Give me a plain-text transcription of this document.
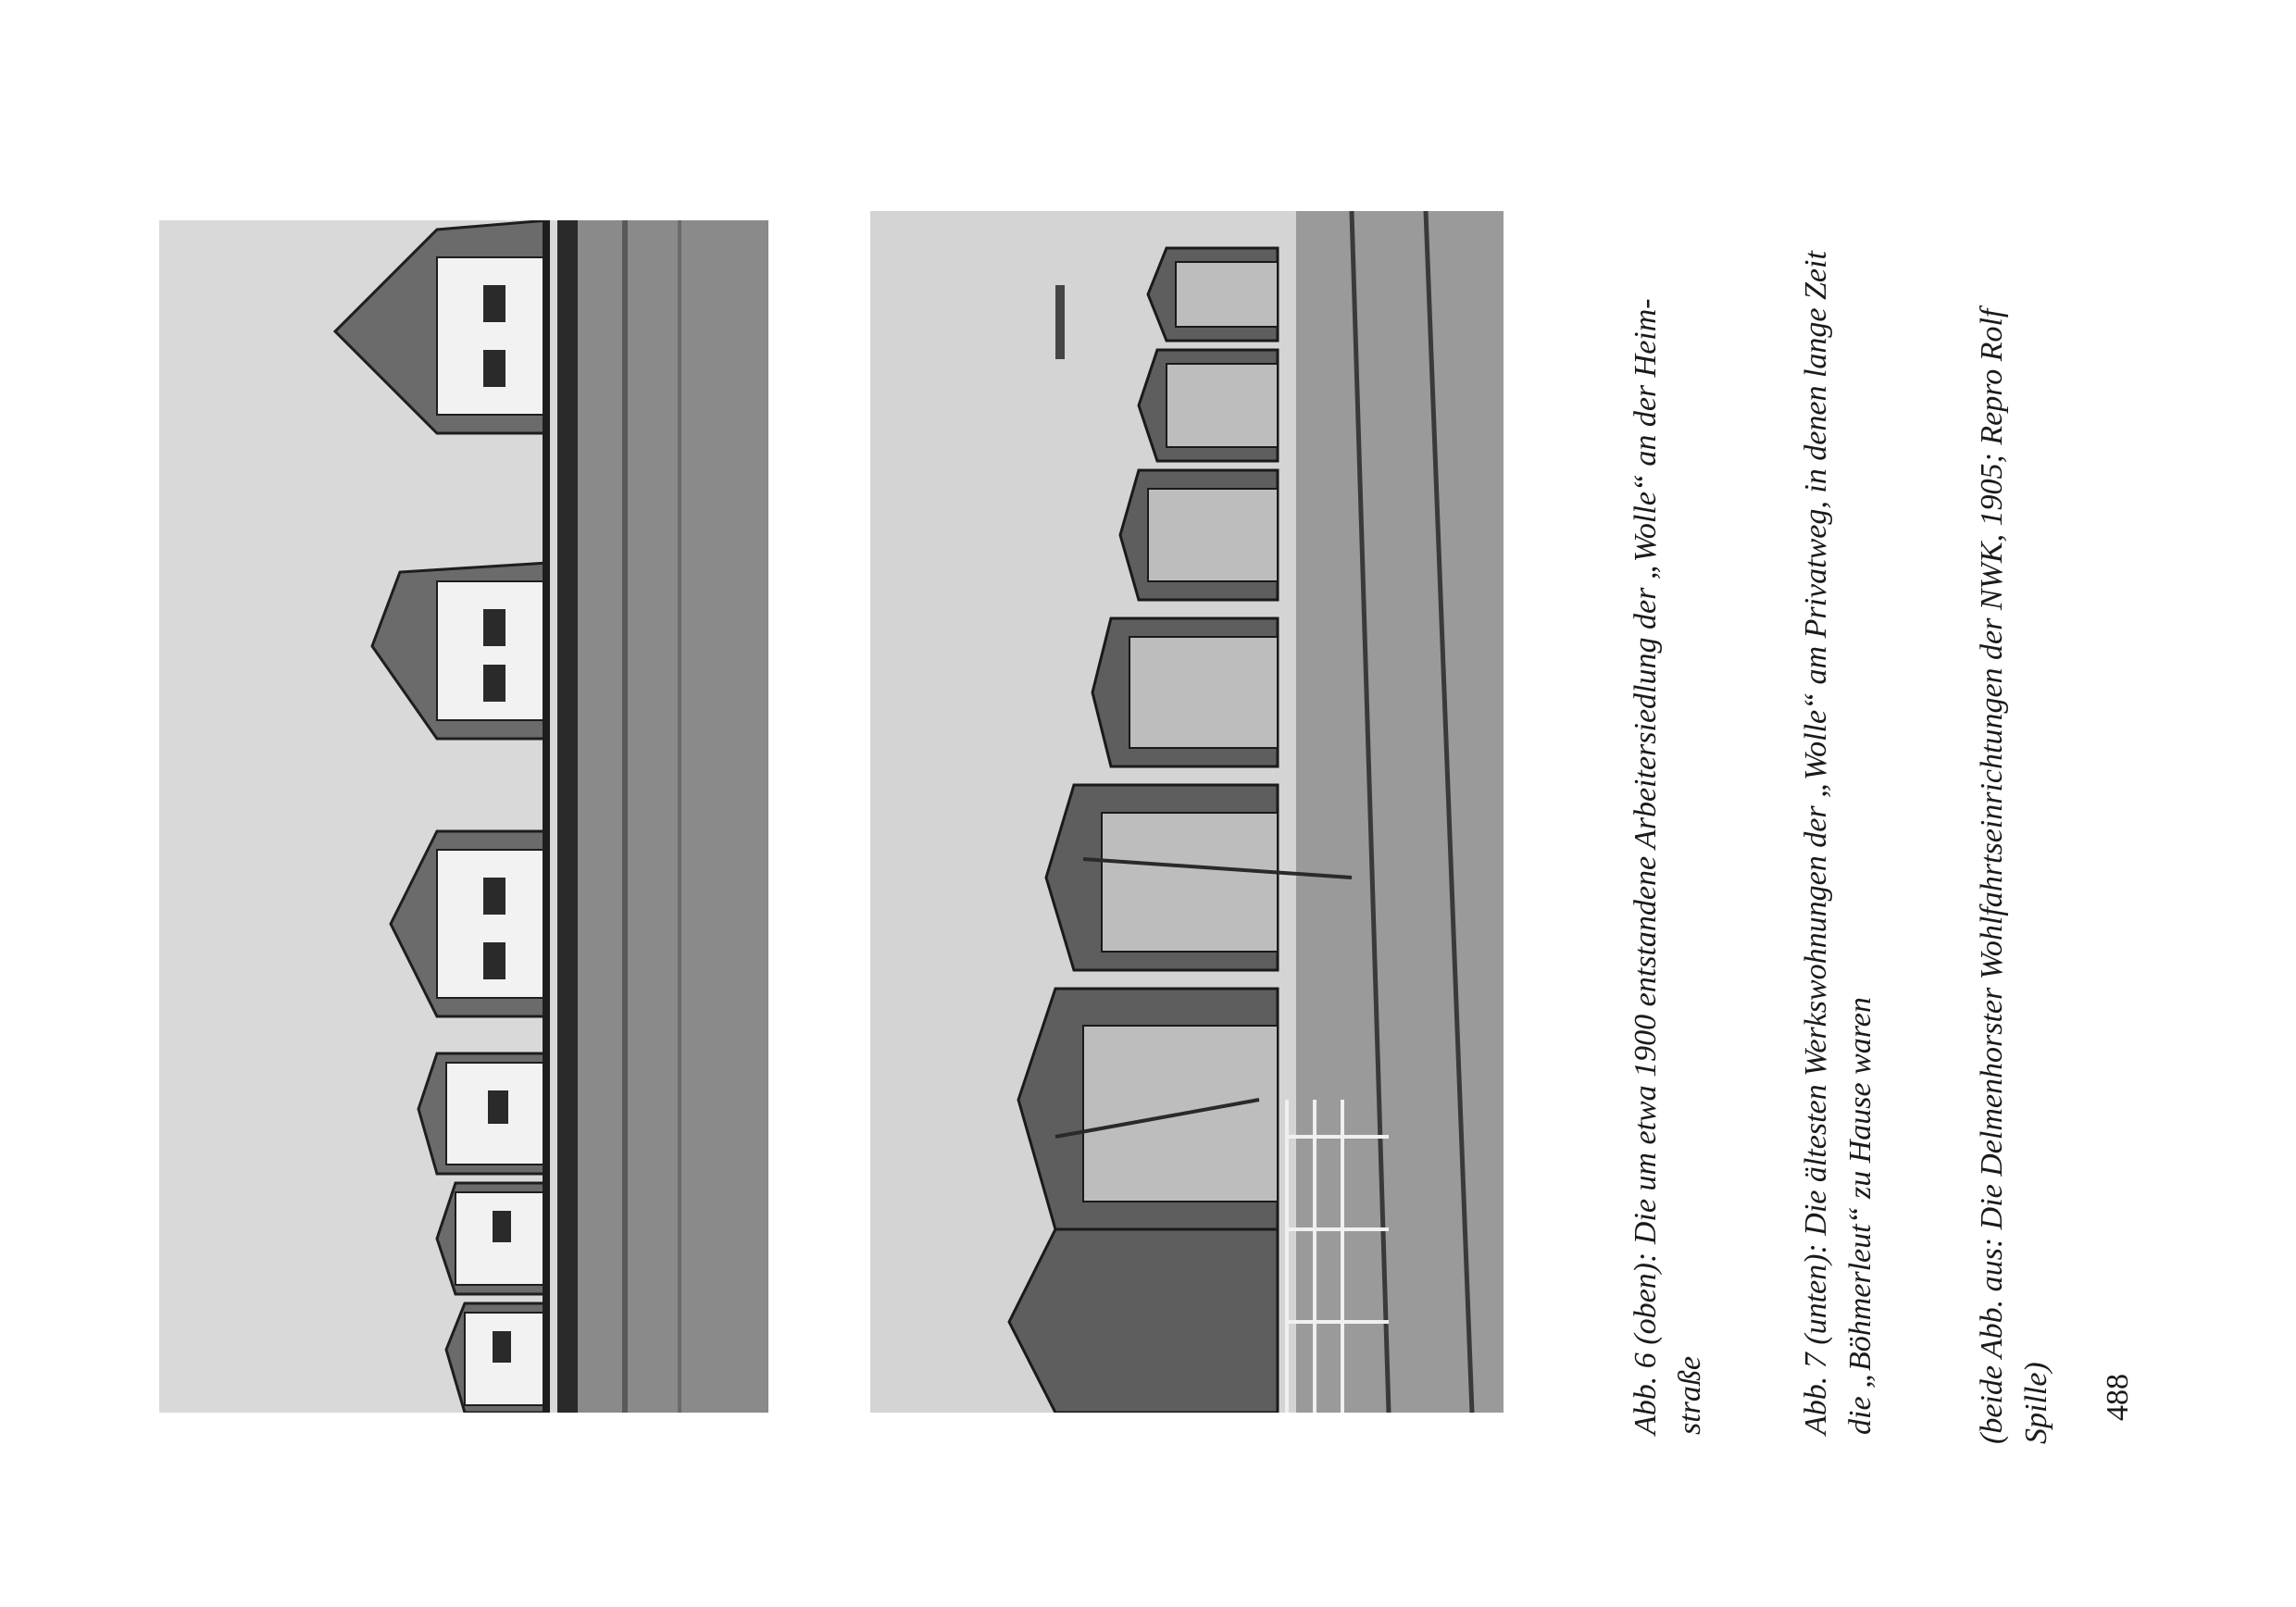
Abb. 6 (oben): Die um etwa 1900 entstandene Arbeitersiedlung der „Wolle“ an der Heim- straße	Abb. 7 (unten): Die ältesten Werkswohnungen der „Wolle“ am Privatweg, in denen lange Zeit die „Böhmerleut“ zu Hause waren	(beide Abb. aus: Die Delmenhorster Wohlfahrtseinrichtungen der NWK, 1905; Repro Rolf Spille) 488
